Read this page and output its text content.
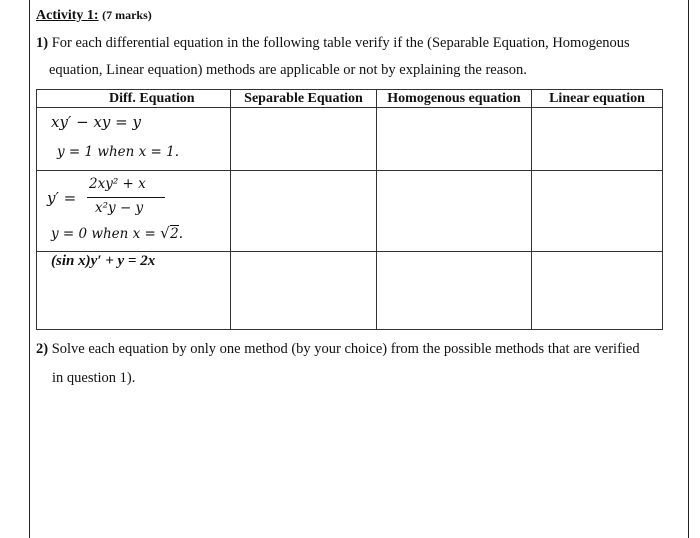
Activity 1: (7 marks)
1) For each differential equation in the following table verify if the (Separable Equation, Homogenous
equation, Linear equation) methods are applicable or not by explaining the reason.
Diff. Equation	Separable Equation	Homogenous equation	Linear equation

xy′ − xy = y
y = 1 when x = 1.			

y′ =
2xy² + x
x²y − y
y = 0 when x = √ 2.

(sin x)y′ + y = 2x			

2) Solve each equation by only one method (by your choice) from the possible methods that are verified
in question 1).
